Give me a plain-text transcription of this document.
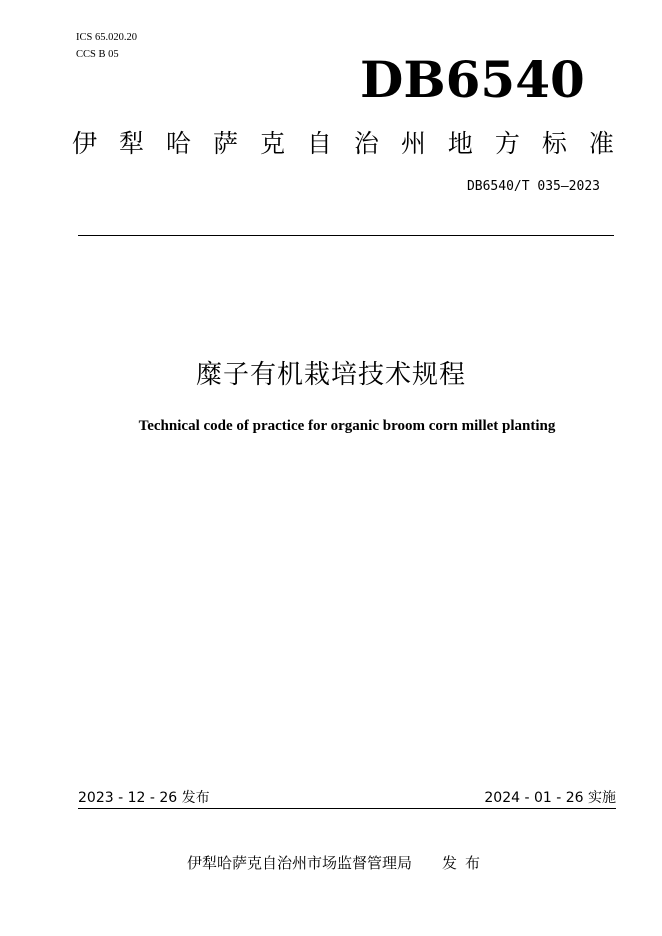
ICS 65.020.20
CCS B 05	DB6540
伊 犁 哈 萨 克 自 治 州 地 方 标 准
DB6540/T 035—2023
糜子有机栽培技术规程
Technical code of practice for organic broom corn millet planting
2023 - 12 - 26 发布	2024 - 01 - 26 实施
伊犁哈萨克自治州市场监督管理局 发布
